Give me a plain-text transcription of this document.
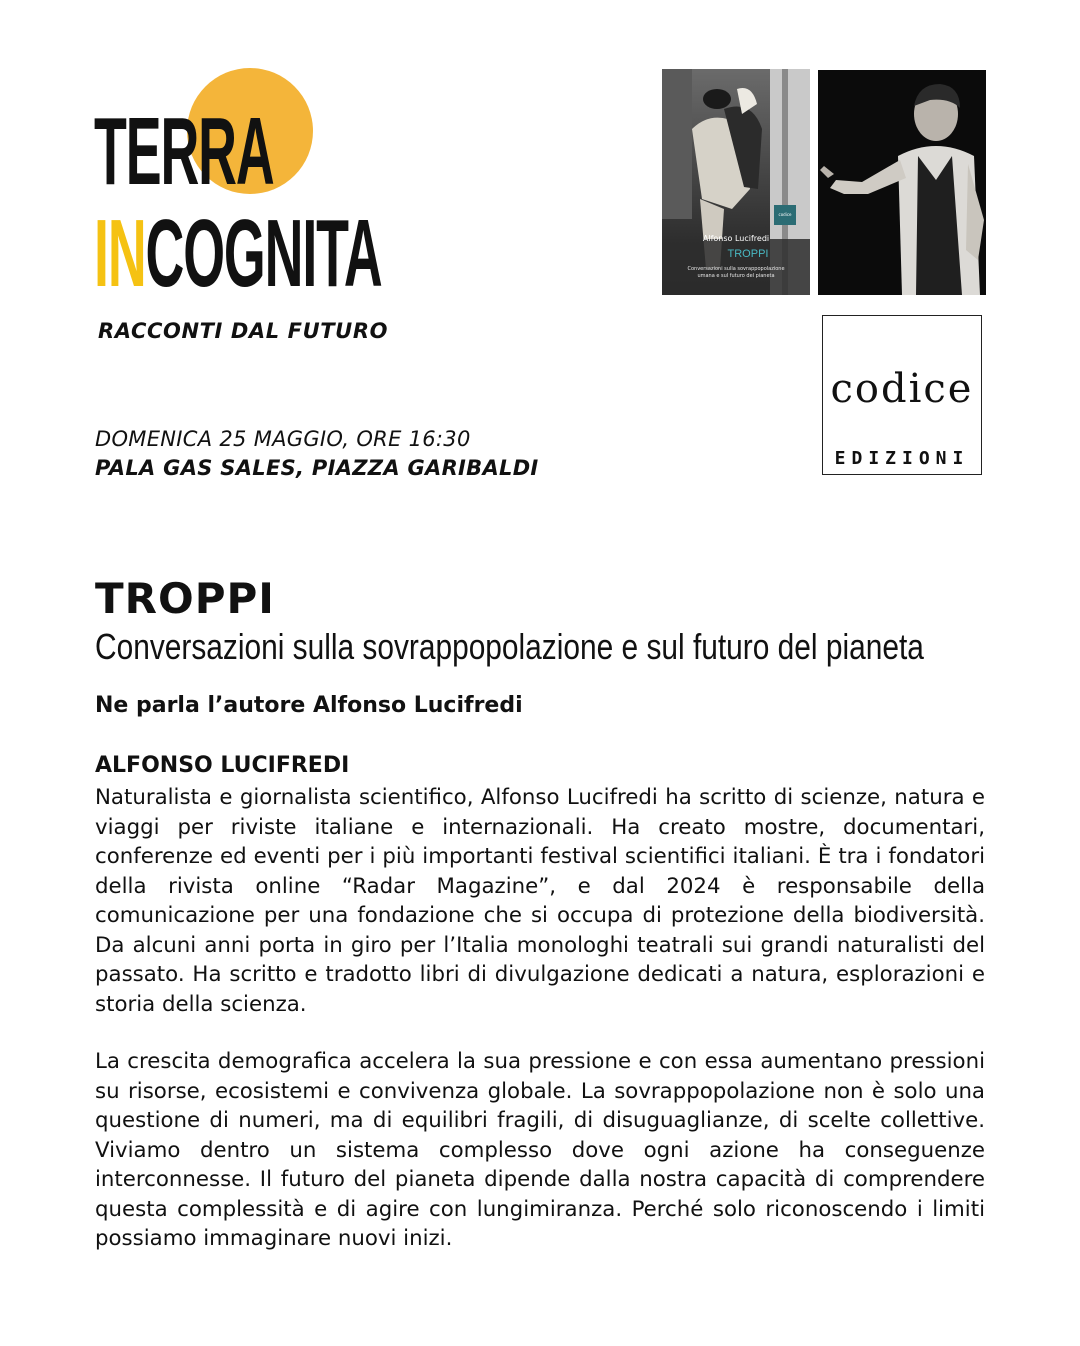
TERRA
INCOGNITA
RACCONTI DAL FUTURO
DOMENICA 25 MAGGIO, ORE 16:30
PALA GAS SALES, PIAZZA GARIBALDI
codice
Alfonso Lucifredi
TROPPI
Conversazioni sulla sovrappopolazione
umana e sul futuro del pianeta
codice
EDIZIONI
TROPPI
Conversazioni sulla sovrappopolazione e sul futuro del pianeta
Ne parla l’autore Alfonso Lucifredi
ALFONSO LUCIFREDI
Naturalista e giornalista scientifico, Alfonso Lucifredi ha scritto di scienze, natura e viaggi per riviste italiane e internazionali. Ha creato mostre, documentari, conferenze ed eventi per i più importanti festival scientifici italiani. È tra i fondatori della rivista online “Radar Magazine”, e dal 2024 è responsabile della comunicazione per una fondazione che si occupa di protezione della biodiversità. Da alcuni anni porta in giro per l’Italia monologhi teatrali sui grandi naturalisti del passato. Ha scritto e tradotto libri di divulgazione dedicati a natura, esplorazioni e storia della scienza.
La crescita demografica accelera la sua pressione e con essa aumentano pressioni su risorse, ecosistemi e convivenza globale. La sovrappopolazione non è solo una questione di numeri, ma di equilibri fragili, di disuguaglianze, di scelte collettive. Viviamo dentro un sistema complesso dove ogni azione ha conseguenze interconnesse. Il futuro del pianeta dipende dalla nostra capacità di comprendere questa complessità e di agire con lungimiranza. Perché solo riconoscendo i limiti possiamo immaginare nuovi inizi.
